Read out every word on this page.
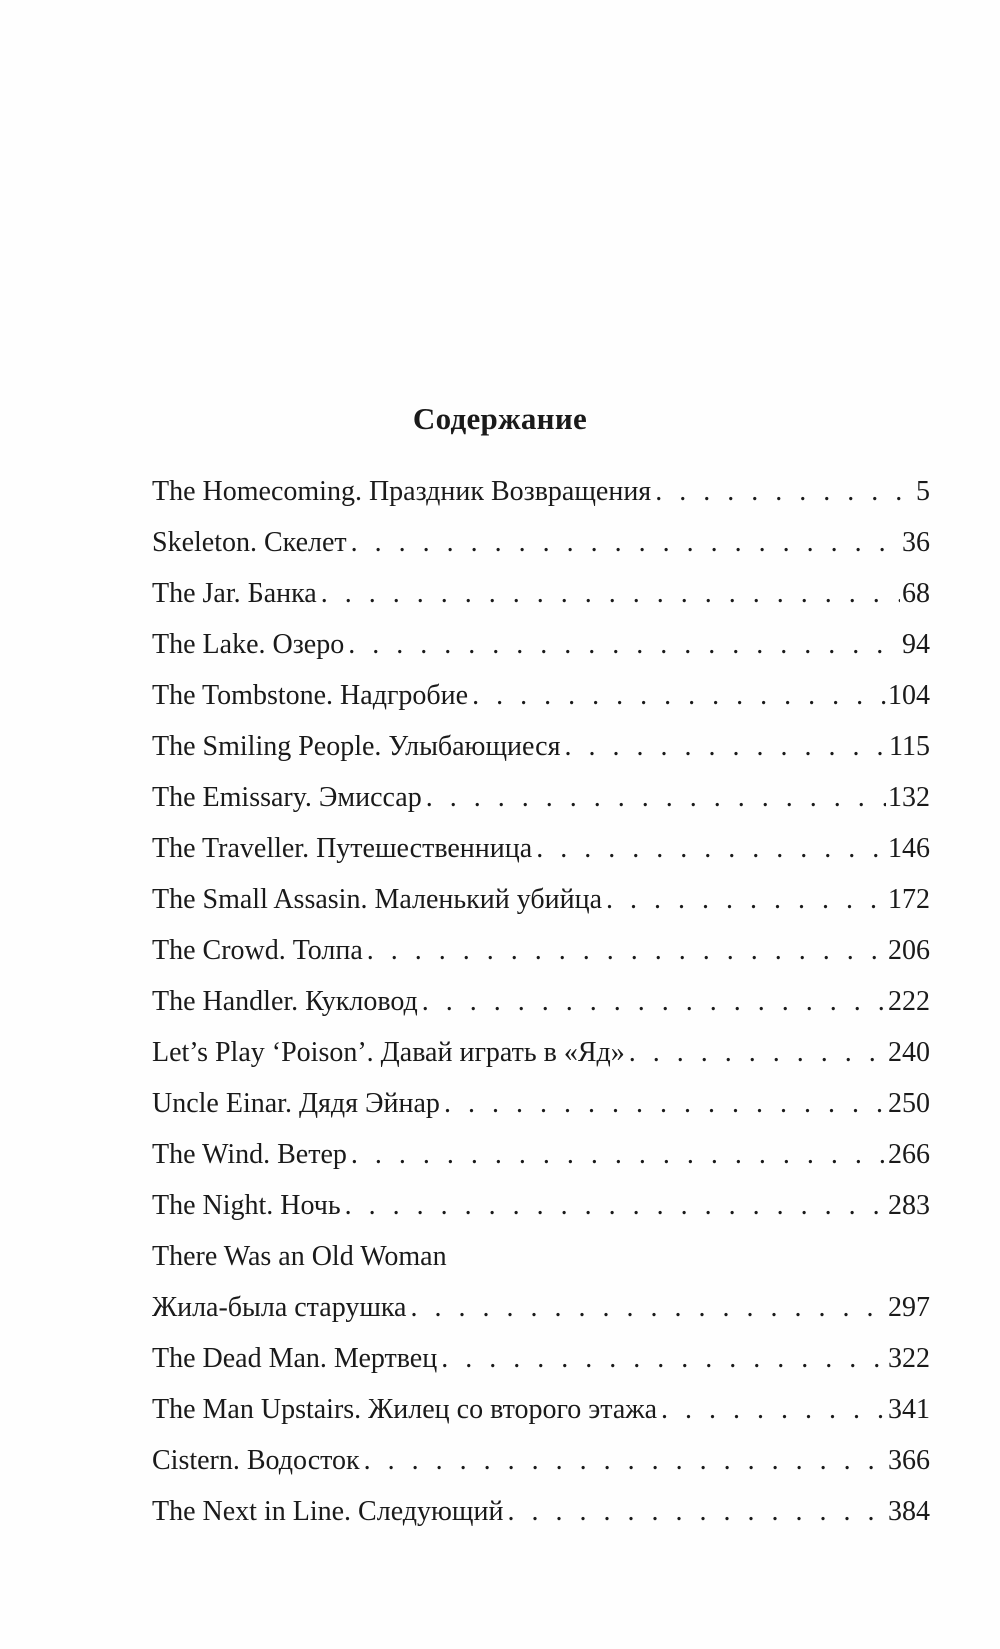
Содержание
The Homecoming. Праздник Возвращения . . .	5
Skeleton. Скелет . . .	36
The Jar. Банка . . .	68
The Lake. Озеро . . .	94
The Tombstone. Надгробие . . .	104
The Smiling People. Улыбающиеся . . .	115
The Emissary. Эмиссар . . .	132
The Traveller. Путешественница . . .	146
The Small Assasin. Маленький убийца . . .	172
The Crowd. Толпа . . .	206
The Handler. Кукловод . . .	222
Let’s Play ‘Poison’. Давай играть в «Яд» . . .	240
Uncle Einar. Дядя Эйнар . . .	250
The Wind. Ветер . . .	266
The Night. Ночь . . .	283
There Was an Old Woman
Жила-была старушка . . .	297
The Dead Man. Мертвец . . .	322
The Man Upstairs. Жилец со второго этажа . . .	341
Cistern. Водосток . . .	366
The Next in Line. Следующий . . .	384
